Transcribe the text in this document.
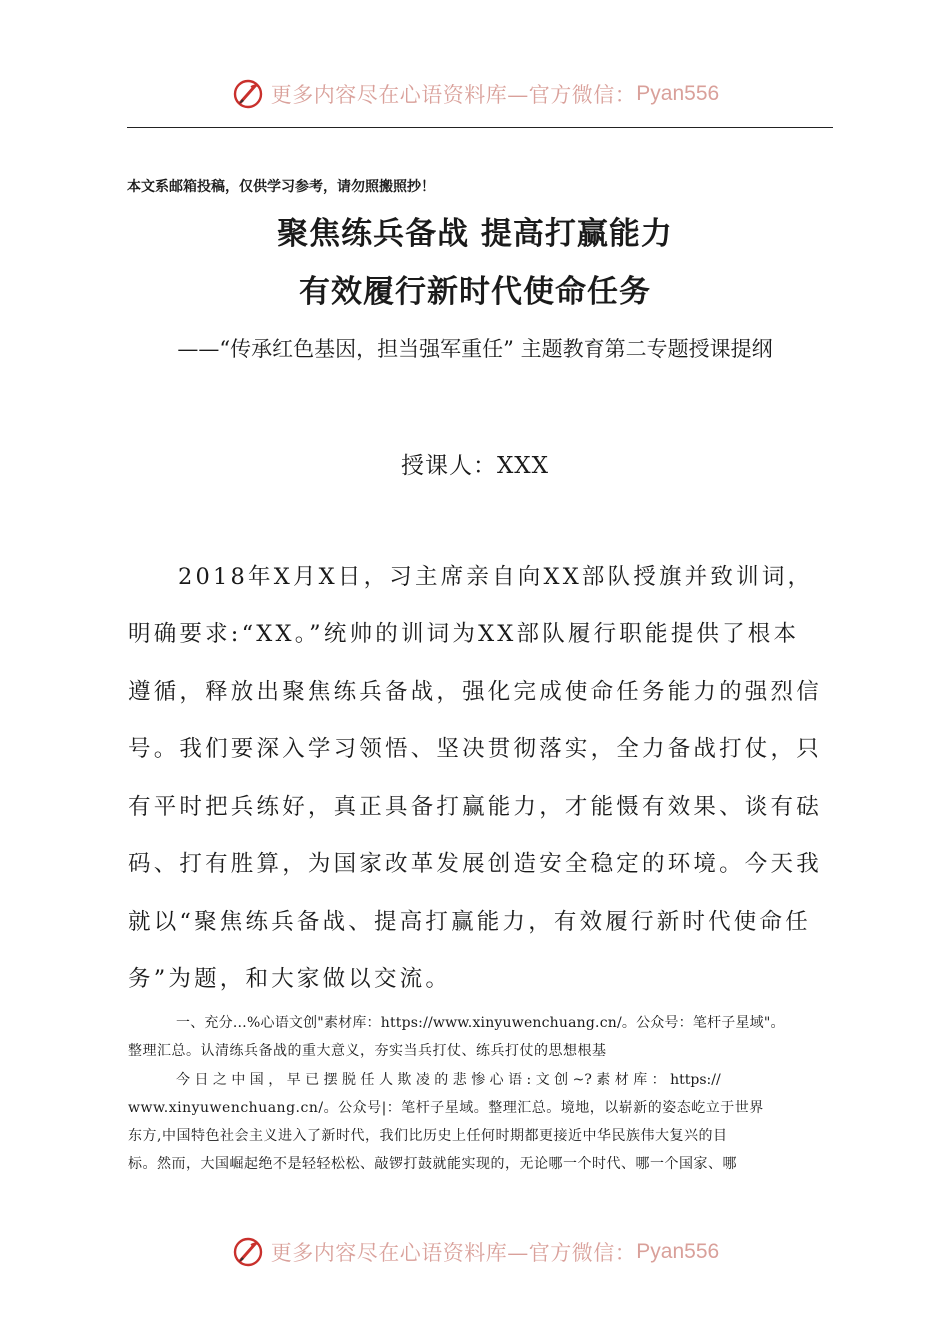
更多内容尽在心语资料库—官方微信： Pyan556
本文系邮箱投稿，仅供学习参考，请勿照搬照抄！
聚焦练兵备战 提高打赢能力
有效履行新时代使命任务
——“传承红色基因，担当强军重任” 主题教育第二专题授课提纲
授课人：XXX
2018年X月X日，习主席亲自向XX部队授旗并致训词，
明确要求:“XX。”统帅的训词为XX部队履行职能提供了根本
遵循，释放出聚焦练兵备战，强化完成使命任务能力的强烈信
号。我们要深入学习领悟、坚决贯彻落实，全力备战打仗，只
有平时把兵练好，真正具备打赢能力，才能慑有效果、谈有砝
码、打有胜算，为国家改革发展创造安全稳定的环境。今天我
就以“聚焦练兵备战、提高打赢能力，有效履行新时代使命任
务”为题，和大家做以交流。
一、充分…%心语文创"素材库：https://www.xinyuwenchuang.cn/。公众号：笔杆子星域"。
整理汇总。认清练兵备战的重大意义，夯实当兵打仗、练兵打仗的思想根基
今 日 之 中 国 ， 早 已 摆 脱 任 人 欺 凌 的 悲 惨 心 语 : 文 创 ~? 素 材 库 ： https://
www.xinyuwenchuang.cn/。公众号|：笔杆子星域。整理汇总。境地，以崭新的姿态屹立于世界
东方,中国特色社会主义进入了新时代，我们比历史上任何时期都更接近中华民族伟大复兴的目
标。然而，大国崛起绝不是轻轻松松、敲锣打鼓就能实现的，无论哪一个时代、哪一个国家、哪
更多内容尽在心语资料库—官方微信： Pyan556
